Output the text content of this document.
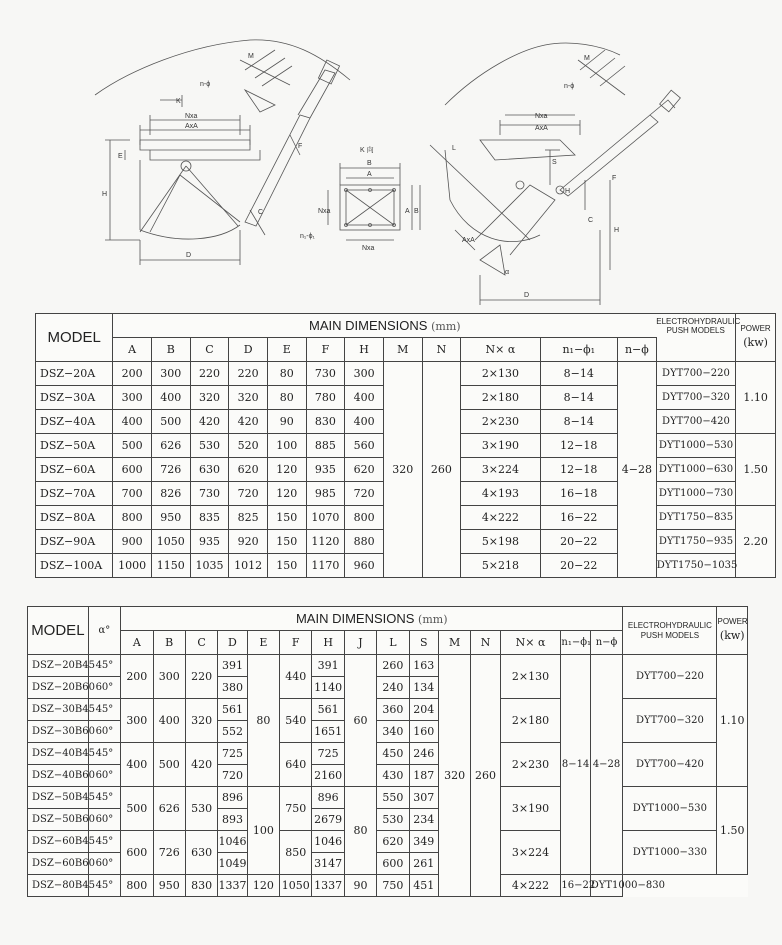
M
n-ϕ
K
Nxa
AxA
E
H
D
C
F
K 向
B
A
Nxa	A B
n₁-ϕ₁
Nxa
M
n-ϕ
Nxa
AxA
L
S
H
C
F
H
AxA
α
D
MODEL	MAIN DIMENSIONS (mm)												ELECTROHYDRAULIC
PUSH MODELS	POWER
(kw)
	A	B	C	D	E	F	H	M	N	N× α	n₁−ϕ₁	n−ϕ		
DSZ−20A	200	300	220	220	80	730	300	320	260	2×130	8−14	4−28	DYT700−220	1.10
DSZ−30A	300	400	320	320	80	780	400			2×180	8−14		DYT700−320	
DSZ−40A	400	500	420	420	90	830	400			2×230	8−14		DYT700−420	
DSZ−50A	500	626	530	520	100	885	560			3×190	12−18		DYT1000−530	1.50
DSZ−60A	600	726	630	620	120	935	620			3×224	12−18		DYT1000−630	
DSZ−70A	700	826	730	720	120	985	720			4×193	16−18		DYT1000−730	
DSZ−80A	800	950	835	825	150	1070	800			4×222	16−22		DYT1750−835	2.20
DSZ−90A	900	1050	935	920	150	1120	880			5×198	20−22		DYT1750−935	
DSZ−100A	1000	1150	1035	1012	150	1170	960			5×218	20−22		DYT1750−1035	
MODEL	α°	MAIN DIMENSIONS (mm)															ELECTROHYDRAULIC
PUSH MODELS	POWER
(kw)
		A	B	C	D	E	F	H	J	L	S	M	N	N× α	n₁−ϕ₁	n−ϕ		
DSZ−20B45	45°	200	300	220	391	80	440	391	60	260	163	320	260	2×130	8−14	4−28	DYT700−220	1.10
DSZ−20B60	60°				380			1140		240	134							
DSZ−30B45	45°	300	400	320	561		540	561		360	204			2×180			DYT700−320	
DSZ−30B60	60°				552			1651		340	160							
DSZ−40B45	45°	400	500	420	725		640	725		450	246			2×230			DYT700−420	
DSZ−40B60	60°				720			2160		430	187							
DSZ−50B45	45°	500	626	530	896	100	750	896	80	550	307			3×190			DYT1000−530	1.50
DSZ−50B60	60°				893			2679		530	234							
DSZ−60B45	45°	600	726	630	1046		850	1046		620	349			3×224			DYT1000−330	
DSZ−60B60	60°				1049			3147		600	261							
DSZ−80B45	45°	800	950	830	1337	120	1050	1337	90	750	451			4×222	16−22	DYT1000−830		
